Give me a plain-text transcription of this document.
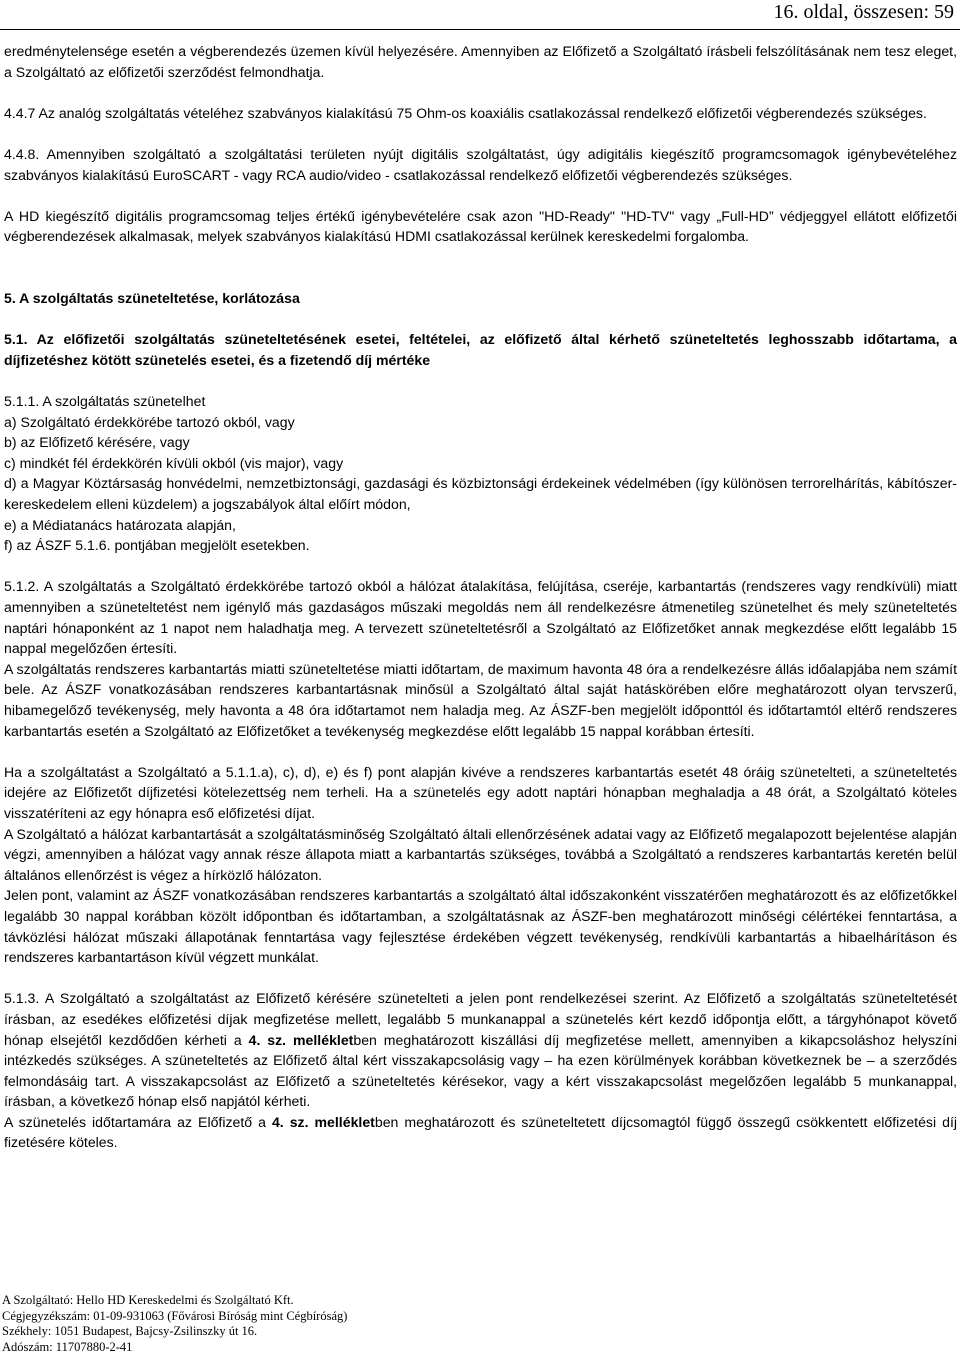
16. oldal, összesen: 59

eredménytelensége esetén a végberendezés üzemen kívül helyezésére. Amennyiben az Előfizető a Szolgáltató írásbeli felszólításának nem tesz eleget, a Szolgáltató az előfizetői szerződést felmondhatja.

4.4.7 Az analóg szolgáltatás vételéhez szabványos kialakítású 75 Ohm-os koaxiális csatlakozással rendelkező előfizetői végberendezés szükséges.

4.4.8. Amennyiben szolgáltató a szolgáltatási területen nyújt digitális szolgáltatást, úgy adigitális kiegészítő programcsomagok igénybevételéhez szabványos kialakítású EuroSCART - vagy RCA audio/video - csatlakozással rendelkező előfizetői végberendezés szükséges.

A HD kiegészítő digitális programcsomag teljes értékű igénybevételére csak azon "HD-Ready" "HD-TV" vagy „Full-HD” védjeggyel ellátott előfizetői végberendezések alkalmasak, melyek szabványos kialakítású HDMI csatlakozással kerülnek kereskedelmi forgalomba.

5. A szolgáltatás szüneteltetése, korlátozása

5.1. Az előfizetői szolgáltatás szüneteltetésének esetei, feltételei, az előfizető által kérhető szüneteltetés leghosszabb időtartama, a díjfizetéshez kötött szünetelés esetei, és a fizetendő díj mértéke

5.1.1. A szolgáltatás szünetelhet

a) Szolgáltató érdekkörébe tartozó okból, vagy

b) az Előfizető kérésére, vagy

c) mindkét fél érdekkörén kívüli okból (vis major), vagy

d) a Magyar Köztársaság honvédelmi, nemzetbiztonsági, gazdasági és közbiztonsági érdekeinek védelmében (így különösen terrorelhárítás, kábítószer-kereskedelem elleni küzdelem) a jogszabályok által előírt módon,

e) a Médiatanács határozata alapján,

f) az ÁSZF 5.1.6. pontjában megjelölt esetekben.

5.1.2. A szolgáltatás a Szolgáltató érdekkörébe tartozó okból a hálózat átalakítása, felújítása, cseréje, karbantartás (rendszeres vagy rendkívüli) miatt amennyiben a szüneteltetést nem igénylő más gazdaságos műszaki megoldás nem áll rendelkezésre átmenetileg szünetelhet és mely szüneteltetés naptári hónaponként az 1 napot nem haladhatja meg. A tervezett szüneteltetésről a Szolgáltató az Előfizetőket annak megkezdése előtt legalább 15 nappal megelőzően értesíti.

A szolgáltatás rendszeres karbantartás miatti szüneteltetése miatti időtartam, de maximum havonta 48 óra a rendelkezésre állás időalapjába nem számít bele. Az ÁSZF vonatkozásában rendszeres karbantartásnak minősül a Szolgáltató által saját hatáskörében előre meghatározott olyan tervszerű, hibamegelőző tevékenység, mely havonta a 48 óra időtartamot nem haladja meg. Az ÁSZF-ben megjelölt időponttól és időtartamtól eltérő rendszeres karbantartás esetén a Szolgáltató az Előfizetőket a tevékenység megkezdése előtt legalább 15 nappal korábban értesíti.

Ha a szolgáltatást a Szolgáltató a 5.1.1.a), c), d), e) és f) pont alapján kivéve a rendszeres karbantartás esetét 48 óráig szünetelteti, a szüneteltetés idejére az Előfizetőt díjfizetési kötelezettség nem terheli. Ha a szünetelés egy adott naptári hónapban meghaladja a 48 órát, a Szolgáltató köteles visszatéríteni az egy hónapra eső előfizetési díjat.

A Szolgáltató a hálózat karbantartását a szolgáltatásminőség Szolgáltató általi ellenőrzésének adatai vagy az Előfizető megalapozott bejelentése alapján végzi, amennyiben a hálózat vagy annak része állapota miatt a karbantartás szükséges, továbbá a Szolgáltató a rendszeres karbantartás keretén belül általános ellenőrzést is végez a hírközlő hálózaton.

Jelen pont, valamint az ÁSZF vonatkozásában rendszeres karbantartás a szolgáltató által időszakonként visszatérően meghatározott és az előfizetőkkel legalább 30 nappal korábban közölt időpontban és időtartamban, a szolgáltatásnak az ÁSZF-ben meghatározott minőségi célértékei fenntartása, a távközlési hálózat műszaki állapotának fenntartása vagy fejlesztése érdekében végzett tevékenység, rendkívüli karbantartás a hibaelhárításon és rendszeres karbantartáson kívül végzett munkálat.

5.1.3. A Szolgáltató a szolgáltatást az Előfizető kérésére szünetelteti a jelen pont rendelkezései szerint. Az Előfizető a szolgáltatás szüneteltetését írásban, az esedékes előfizetési díjak megfizetése mellett, legalább 5 munkanappal a szünetelés kért kezdő időpontja előtt, a tárgyhónapot követő hónap elsejétől kezdődően kérheti a 4. sz. mellékletben meghatározott kiszállási díj megfizetése mellett, amennyiben a kikapcsoláshoz helyszíni intézkedés szükséges. A szüneteltetés az Előfizető által kért visszakapcsolásig vagy – ha ezen körülmények korábban következnek be – a szerződés felmondásáig tart. A visszakapcsolást az Előfizető a szüneteltetés kérésekor, vagy a kért visszakapcsolást megelőzően legalább 5 munkanappal, írásban, a következő hónap első napjától kérheti.

A szünetelés időtartamára az Előfizető a 4. sz. mellékletben meghatározott és szüneteltetett díjcsomagtól függő összegű csökkentett előfizetési díj fizetésére köteles.

A Szolgáltató: Hello HD Kereskedelmi és Szolgáltató Kft.
Cégjegyzékszám: 01-09-931063 (Fővárosi Bíróság mint Cégbíróság)
Székhely: 1051 Budapest, Bajcsy-Zsilinszky út 16.
Adószám: 11707880-2-41
